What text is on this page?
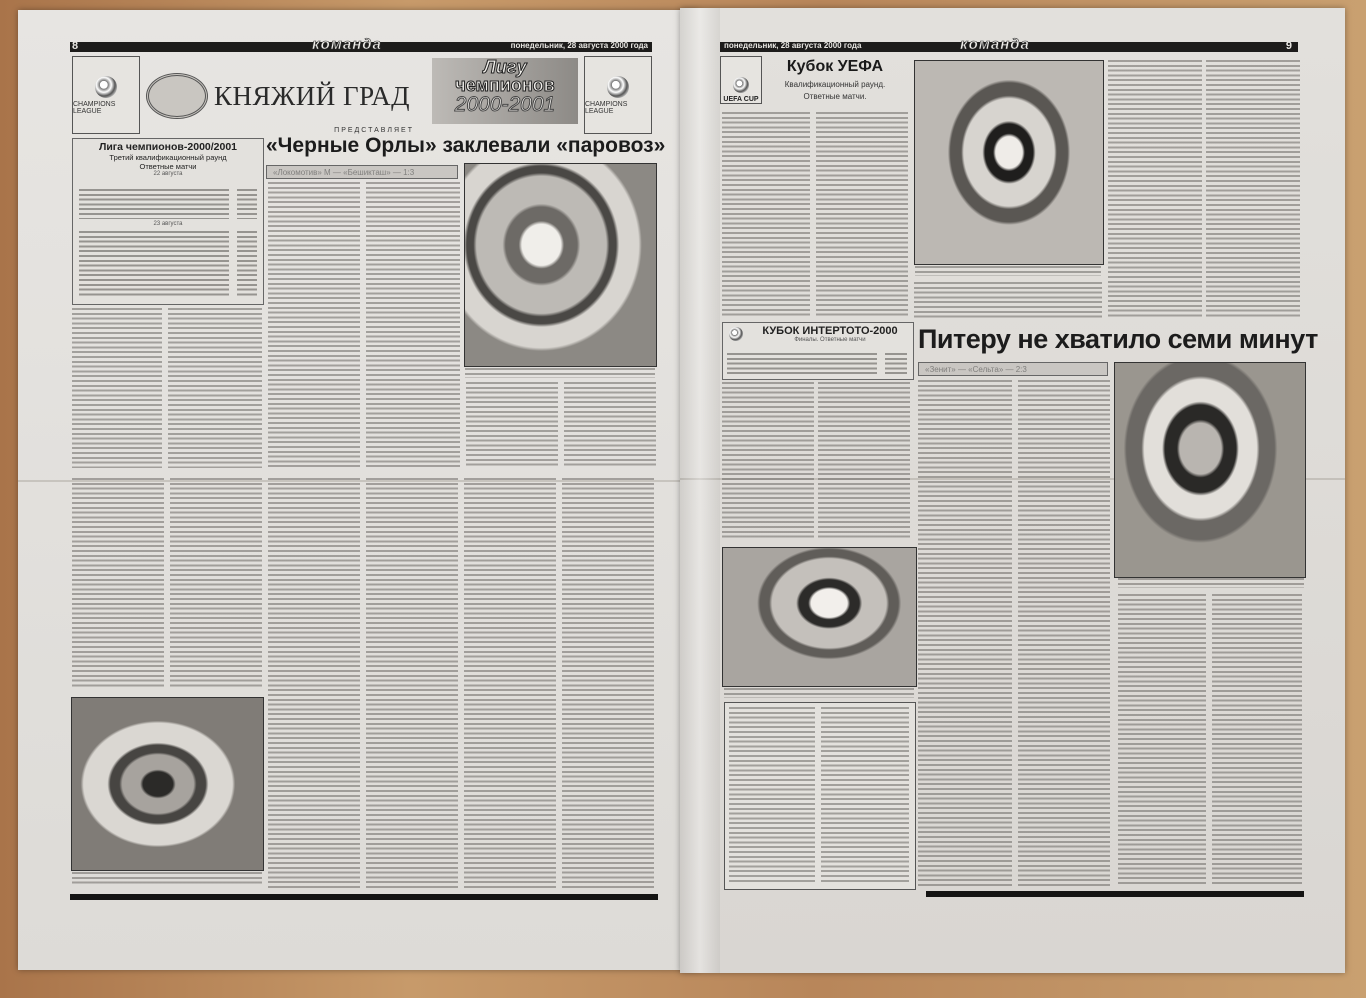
8	команда	понедельник, 28 августа 2000 года
CHAMPIONS LEAGUE
CHAMPIONS LEAGUE
КНЯЖИЙ ГРАД
ПРЕДСТАВЛЯЕТ
Лигу
чемпионов
2000-2001
Лига чемпионов-2000/2001
Третий квалификационный раунд
Ответные матчи
22 августа
23 августа
«Черные Орлы» заклевали «паровоз»
«Локомотив» М — «Бешикташ» — 1:3
понедельник, 28 августа 2000 года	команда	9
UEFA CUP
Кубок УЕФА
Квалификационный раунд.
Ответные матчи.
КУБОК ИНТЕРТОТО-2000
Финалы. Ответные матчи	Питеру не хватило семи минут
«Зенит» — «Сельта» — 2:3
